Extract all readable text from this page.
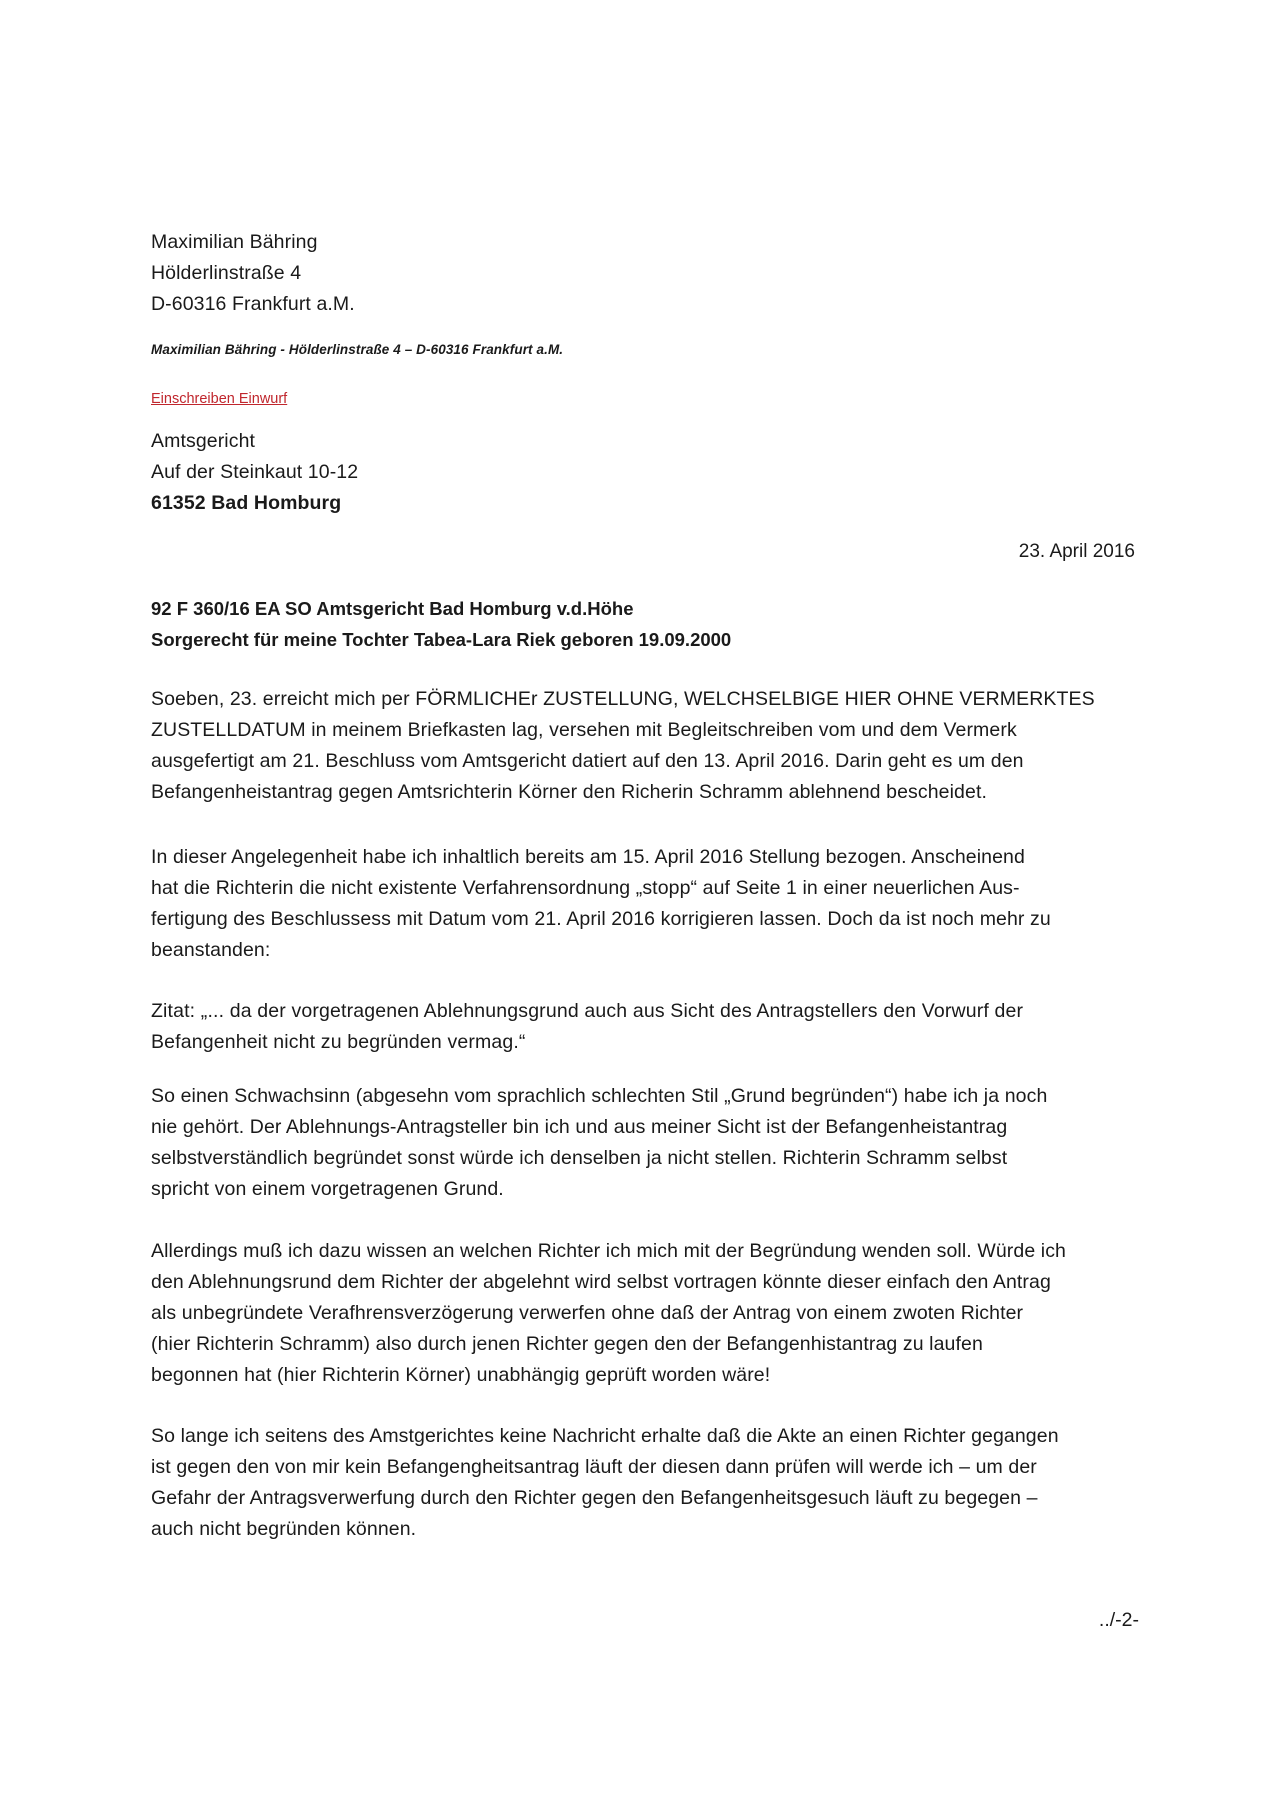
Maximilian Bähring
Hölderlinstraße 4
D-60316 Frankfurt a.M.
Maximilian Bähring - Hölderlinstraße 4 – D-60316 Frankfurt a.M.
Einschreiben Einwurf
Amtsgericht
Auf der Steinkaut 10-12
61352 Bad Homburg
23. April 2016
92 F 360/16 EA SO Amtsgericht Bad Homburg v.d.Höhe
Sorgerecht für meine Tochter Tabea-Lara Riek geboren 19.09.2000
Soeben, 23. erreicht mich per FÖRMLICHEr ZUSTELLUNG, WELCHSELBIGE HIER OHNE VERMERKTES
ZUSTELLDATUM in meinem Briefkasten lag, versehen mit Begleitschreiben vom und dem Vermerk
ausgefertigt am 21. Beschluss vom Amtsgericht datiert auf den 13. April 2016. Darin geht es um den
Befangenheistantrag gegen Amtsrichterin Körner den Richerin Schramm ablehnend bescheidet.
In dieser Angelegenheit habe ich inhaltlich bereits am 15. April 2016 Stellung bezogen. Anscheinend
hat die Richterin die nicht existente Verfahrensordnung „stopp“ auf Seite 1 in einer neuerlichen Aus-
fertigung des Beschlussess mit Datum vom 21. April 2016 korrigieren lassen. Doch da ist noch mehr zu
beanstanden:
Zitat: „... da der vorgetragenen Ablehnungsgrund auch aus Sicht des Antragstellers den Vorwurf der
Befangenheit nicht zu begründen vermag.“
So einen Schwachsinn (abgesehn vom sprachlich schlechten Stil „Grund begründen“) habe ich ja noch
nie gehört. Der Ablehnungs-Antragsteller bin ich und aus meiner Sicht ist der Befangenheistantrag
selbstverständlich begründet sonst würde ich denselben ja nicht stellen. Richterin Schramm selbst
spricht von einem vorgetragenen Grund.
Allerdings muß ich dazu wissen an welchen Richter ich mich mit der Begründung wenden soll. Würde ich
den Ablehnungsrund dem Richter der abgelehnt wird selbst vortragen könnte dieser einfach den Antrag
als unbegründete Verafhrensverzögerung verwerfen ohne daß der Antrag von einem zwoten Richter
(hier Richterin Schramm) also durch jenen Richter gegen den der Befangenhistantrag zu laufen
begonnen hat (hier Richterin Körner) unabhängig geprüft worden wäre!
So lange ich seitens des Amstgerichtes keine Nachricht erhalte daß die Akte an einen Richter gegangen
ist gegen den von mir kein Befangengheitsantrag läuft der diesen dann prüfen will werde ich – um der
Gefahr der Antragsverwerfung durch den Richter gegen den Befangenheitsgesuch läuft zu begegen –
auch nicht begründen können.
../-2-
